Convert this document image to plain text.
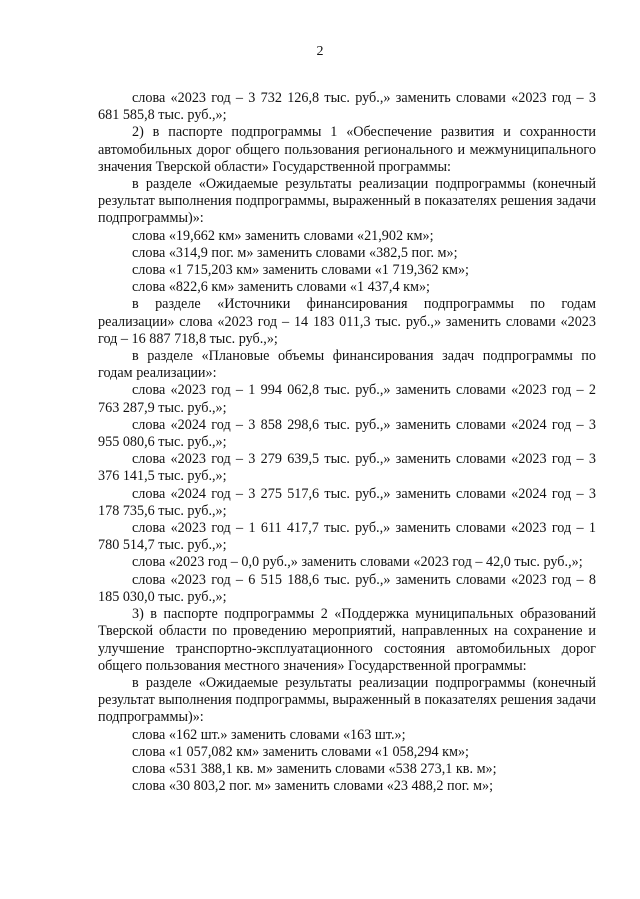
2

слова «2023 год – 3 732 126,8 тыс. руб.,» заменить словами «2023 год – 3 681 585,8 тыс. руб.,»;

2) в паспорте подпрограммы 1 «Обеспечение развития и сохранности автомобильных дорог общего пользования регионального и межмуниципального значения Тверской области» Государственной программы:

в разделе «Ожидаемые результаты реализации подпрограммы (конечный результат выполнения подпрограммы, выраженный в показателях решения задачи подпрограммы)»:

слова «19,662 км» заменить словами «21,902 км»;

слова «314,9 пог. м» заменить словами «382,5 пог. м»;

слова «1 715,203 км» заменить словами «1 719,362 км»;

слова «822,6 км» заменить словами «1 437,4 км»;

в разделе «Источники финансирования подпрограммы по годам реализации» слова «2023 год – 14 183 011,3 тыс. руб.,» заменить словами «2023 год – 16 887 718,8 тыс. руб.,»;

в разделе «Плановые объемы финансирования задач подпрограммы по годам реализации»:

слова «2023 год – 1 994 062,8 тыс. руб.,» заменить словами «2023 год – 2 763 287,9 тыс. руб.,»;

слова «2024 год – 3 858 298,6 тыс. руб.,» заменить словами «2024 год – 3 955 080,6 тыс. руб.,»;

слова «2023 год – 3 279 639,5 тыс. руб.,» заменить словами «2023 год – 3 376 141,5 тыс. руб.,»;

слова «2024 год – 3 275 517,6 тыс. руб.,» заменить словами «2024 год – 3 178 735,6 тыс. руб.,»;

слова «2023 год – 1 611 417,7 тыс. руб.,» заменить словами «2023 год – 1 780 514,7 тыс. руб.,»;

слова «2023 год – 0,0 руб.,» заменить словами «2023 год – 42,0 тыс. руб.,»;

слова «2023 год – 6 515 188,6 тыс. руб.,» заменить словами «2023 год – 8 185 030,0 тыс. руб.,»;

3) в паспорте подпрограммы 2 «Поддержка муниципальных образований Тверской области по проведению мероприятий, направленных на сохранение и улучшение транспортно-эксплуатационного состояния автомобильных дорог общего пользования местного значения» Государственной программы:

в разделе «Ожидаемые результаты реализации подпрограммы (конечный результат выполнения подпрограммы, выраженный в показателях решения задачи подпрограммы)»:

слова «162 шт.» заменить словами «163 шт.»;

слова «1 057,082 км» заменить словами «1 058,294 км»;

слова «531 388,1 кв. м» заменить словами «538 273,1 кв. м»;

слова «30 803,2 пог. м» заменить словами «23 488,2 пог. м»;
